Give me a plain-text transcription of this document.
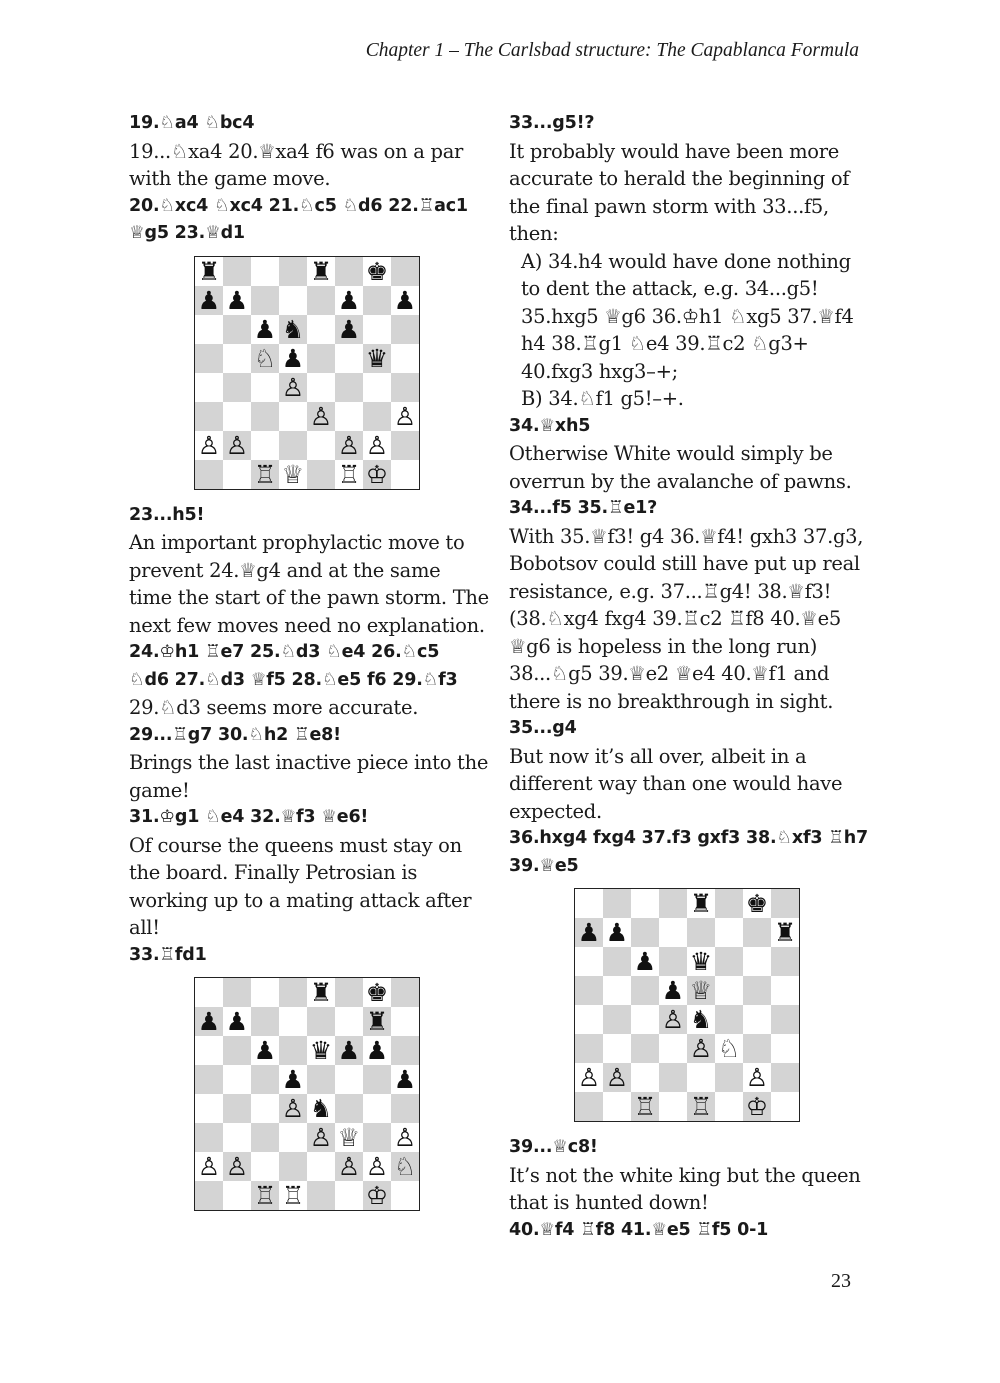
Chapter 1 – The Carlsbad structure: The Capablanca Formula

19.♘a4 ♘bc4

19...♘xa4 20.♕xa4 f6 was on a par with the game move.

20.♘xc4 ♘xc4 21.♘c5 ♘d6 22.♖ac1

♕g5 23.♕d1

♜	♜ ♚
♟ ♟	♟ ♟
♟ ♞ ♟
♘ ♟ ♛
♙
♙ ♙
♙ ♙	♙ ♙
♖ ♕ ♖ ♔

23...h5!

An important prophylactic move to prevent 24.♕g4 and at the same time the start of the pawn storm. The next few moves need no explanation.

24.♔h1 ♖e7 25.♘d3 ♘e4 26.♘c5

♘d6 27.♘d3 ♕f5 28.♘e5 f6 29.♘f3

29.♘d3 seems more accurate.

29...♖g7 30.♘h2 ♖e8!

Brings the last inactive piece into the game!

31.♔g1 ♘e4 32.♕f3 ♕e6!

Of course the queens must stay on the board. Finally Petrosian is working up to a mating attack after all!

33.♖fd1

♜ ♚
♟ ♟	♜
♟ ♛ ♟ ♟
♟	♟
♙ ♞
♙ ♕ ♙
♙ ♙	♙ ♙ ♘
♖ ♖ ♔

33...g5!?

It probably would have been more accurate to herald the beginning of the final pawn storm with 33...f5, then:

A) 34.h4 would have done nothing to dent the attack, e.g. 34...g5! 35.hxg5 ♕g6 36.♔h1 ♘xg5 37.♕f4 h4 38.♖g1 ♘e4 39.♖c2 ♘g3+ 40.fxg3 hxg3–+;

B) 34.♘f1 g5!–+.

34.♕xh5

Otherwise White would simply be overrun by the avalanche of pawns.

34...f5 35.♖e1?

With 35.♕f3! g4 36.♕f4! gxh3 37.g3, Bobotsov could still have put up real resistance, e.g. 37...♖g4! 38.♕f3! (38.♘xg4 fxg4 39.♖c2 ♖f8 40.♕e5 ♕g6 is hopeless in the long run) 38...♘g5 39.♕e2 ♕e4 40.♕f1 and there is no breakthrough in sight.

35...g4

But now it’s all over, albeit in a different way than one would have expected.

36.hxg4 fxg4 37.f3 gxf3 38.♘xf3 ♖h7

39.♕e5

♜ ♚
♟ ♟	♜
♟ ♛
♟ ♕
♙ ♞
♙ ♘
♙ ♙	♙
♖ ♖ ♔

39...♕c8!

It’s not the white king but the queen that is hunted down!

40.♕f4 ♖f8 41.♕e5 ♖f5 0-1

23
